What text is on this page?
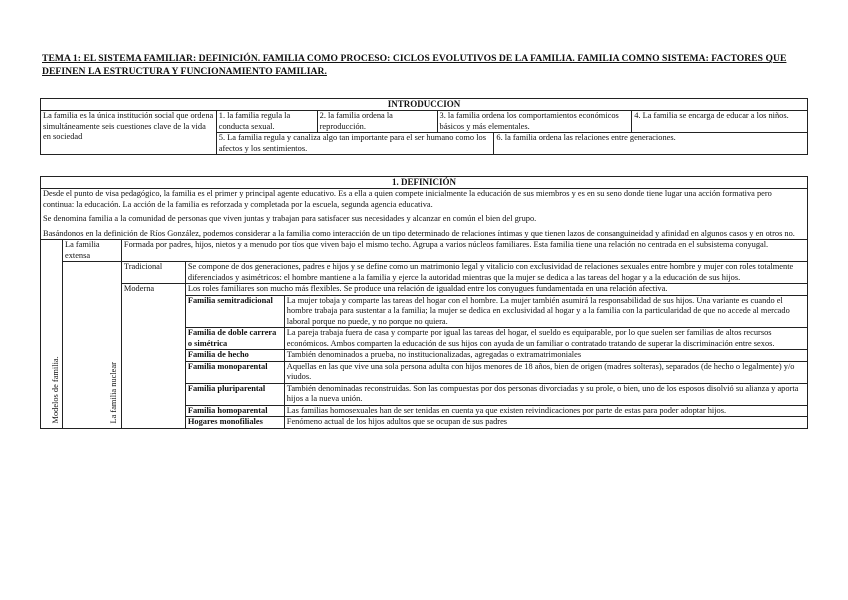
TEMA 1: EL SISTEMA FAMILIAR: DEFINICIÓN. FAMILIA COMO PROCESO: CICLOS EVOLUTIVOS DE LA FAMILIA. FAMILIA COMNO SISTEMA: FACTORES QUE DEFINEN LA ESTRUCTURA Y FUNCIONAMIENTO FAMILIAR.
INTRODUCCION					
La familia es la única institución social que ordena simultáneamente seis cuestiones clave de la vida en sociedad	1. la familia regula la conducta sexual.	2. la familia ordena la reproducción.	3. la familia ordena los comportamientos económicos básicos y más elementales.		4. La familia se encarga de educar a los niños.
	5. La familia regula y canaliza algo tan importante para el ser humano como los afectos y los sentimientos.			6. la familia ordena las relaciones entre generaciones.	
1. DEFINICIÓN				

Desde el punto de visa pedagógico, la familia es el primer y principal agente educativo. Es a ella a quien compete inicialmente la educación de sus miembros y es en su seno donde tiene lugar una acción formativa pero continua: la educación. La acción de la familia es reforzada y completada por la escuela, segunda agencia educativa.

Se denomina familia a la comunidad de personas que viven juntas y trabajan para satisfacer sus necesidades y alcanzar en común el bien del grupo.

Basándonos en la definición de Ríos González, podemos considerar a la familia como interacción de un tipo determinado de relaciones íntimas y que tienen lazos de consanguineidad y afinidad en algunos casos y en otros no.				

Modelos de familia.	La familia extensa	Formada por padres, hijos, nietos y a menudo por tíos que viven bajo el mismo techo. Agrupa a varios núcleos familiares. Esta familia tiene una relación no centrada en el subsistema conyugal.		
	La familia nuclear	Tradicional	Se compone de dos generaciones, padres e hijos y se define como un matrimonio legal y vitalicio con exclusividad de relaciones sexuales entre hombre y mujer con roles totalmente diferenciados y asimétricos: el hombre mantiene a la familia y ejerce la autoridad mientras que la mujer se dedica a las tareas del hogar y a la educación de sus hijos.	
		Moderna	Los roles familiares son mucho más flexibles. Se produce una relación de igualdad entre los conyugues fundamentada en una relación afectiva.	
			Familia semitradicional	La mujer tobaja y comparte las tareas del hogar con el hombre. La mujer también asumirá la responsabilidad de sus hijos. Una variante es cuando el hombre trabaja para sustentar a la familia; la mujer se dedica en exclusividad al hogar y a la familia con la particularidad de que no accede al mercado laboral porque no puede, y no porque no quiera.
			Familia de doble carrera o simétrica	La pareja trabaja fuera de casa y comparte por igual las tareas del hogar, el sueldo es equiparable, por lo que suelen ser familias de altos recursos económicos. Ambos comparten la educación de sus hijos con ayuda de un familiar o contratado tratando de superar la discriminación entre sexos.
			Familia de hecho	También denominados a prueba, no institucionalizadas, agregadas o extramatrimoniales
			Familia monoparental	Aquellas en las que vive una sola persona adulta con hijos menores de 18 años, bien de origen (madres solteras), separados (de hecho o legalmente) y/o viudos.
			Familia pluriparental	También denominadas reconstruidas. Son las compuestas por dos personas divorciadas y su prole, o bien, uno de los esposos disolvió su alianza y aporta hijos a la nueva unión.
			Familia homoparental	Las familias homosexuales han de ser tenidas en cuenta ya que existen reivindicaciones por parte de estas para poder adoptar hijos.
			Hogares monofiliales	Fenómeno actual de los hijos adultos que se ocupan de sus padres
